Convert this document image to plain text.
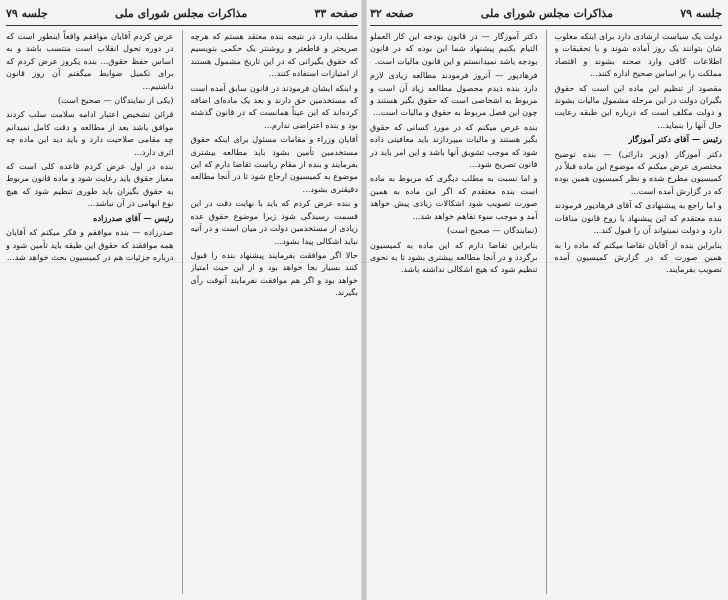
صفحه ۳۳
مذاکرات مجلس شورای ملی
جلسه ۷۹

مطلب دارد در نتیجه بنده معتقد هستم که هرچه صریحتر و قاطعتر و روشنتر یک حکمی بنویسیم که حقوق بگیرانی که در این تاریخ مشمول هستند از امتیازات استفاده کنند...

و اینکه ایشان فرمودند در قانون سابق آمده است که مستخدمین حق دارند و بعد یک ماده‌ای اضافه کرده‌اند که این عیناً همانست که در قانون گذشته بود و بنده اعتراضی ندارم...

آقایان وزراء و مقامات مسئول برای اینکه حقوق مستخدمین تأمین بشود باید مطالعه بیشتری بفرمایند و بنده از مقام ریاست تقاضا دارم که این موضوع به کمیسیون ارجاع شود تا در آنجا مطالعه دقیقتری بشود...

و بنده عرض کردم که باید با نهایت دقت در این قسمت رسیدگی شود زیرا موضوع حقوق عده زیادی از مستخدمین دولت در میان است و در آتیه نباید اشکالی پیدا بشود...

حالا اگر موافقت بفرمایند پیشنهاد بنده را قبول کنند بسیار بجا خواهد بود و از این حیث امتیاز خواهد بود و اگر هم موافقت نفرمایند آنوقت رأی بگیرند.

عرض کردم آقایان موافقم واقعاً اینطور است که در دوره تحول انقلاب است منتسب باشد و به اساس حفظ حقوق... بنده یکروز عرض کردم که برای تکمیل ضوابط میگفتم آن روز قانون داشتیم...

(یکی از نمایندگان — صحیح است)

قرائن تشخیص اعتبار ادامه سلامت سلب کردند موافق باشد بعد از مطالعه و دقت کامل نمیدانم چه مقامی صلاحیت دارد و باید دید این ماده چه اثری دارد...

بنده در اول عرض کردم قاعده کلی است که معیار حقوق باید رعایت شود و ماده قانون مربوط به حقوق بگیران باید طوری تنظیم شود که هیچ نوع ابهامی در آن نباشد...

رئیس — آقای صدرزاده

صدرزاده — بنده موافقم و فکر میکنم که آقایان همه موافقند که حقوق این طبقه باید تأمین شود و درباره جزئیات هم در کمیسیون بحث خواهد شد...

جلسه ۷۹
مذاکرات مجلس شورای ملی
صفحه ۳۲

دولت یک سیاست ارشادی دارد برای اینکه مغلوب شان بتوانند یک روز آماده شوند و با تحقیقات و اطلاعات کافی وارد صحنه بشوند و اقتصاد مملکت را بر اساس صحیح اداره کنند...

مقصود از تنظیم این ماده این است که حقوق بگیران دولت در این مرحله مشمول مالیات بشوند و دولت مکلف است که درباره این طبقه رعایت حال آنها را بنماید...

رئیس — آقای دکتر آموزگار

دکتر آموزگار (وزیر دارائی) — بنده توضیح مختصری عرض میکنم که موضوع این ماده قبلاً در کمیسیون مطرح شده و نظر کمیسیون همین بوده که در گزارش آمده است...

و اما راجع به پیشنهادی که آقای فرهادپور فرمودند بنده معتقدم که این پیشنهاد با روح قانون منافات دارد و دولت نمیتواند آن را قبول کند...

بنابراین بنده از آقایان تقاضا میکنم که ماده را به همین صورت که در گزارش کمیسیون آمده تصویب بفرمایند.

دکتر آموزگار — در قانون بودجه این کار العملو التیام بکنیم پیشنهاد شما این بوده که در قانون بودجه باشد نمیدانستم و این قانون مالیات است.

فرهادپور — آنروز فرمودند مطالعه زیادی لازم دارد بنده دیدم محصول مطالعه زیاد آن است و مربوط به اشخاصی است که حقوق بگیر هستند و چون این فصل مربوط به حقوق و مالیات است...

بنده عرض میکنم که در مورد کسانی که حقوق بگیر هستند و مالیات میپردازند باید معافیتی داده شود که موجب تشویق آنها باشد و این امر باید در قانون تصریح شود...

و اما نسبت به مطلب دیگری که مربوط به ماده است بنده معتقدم که اگر این ماده به همین صورت تصویب شود اشکالات زیادی پیش خواهد آمد و موجب سوء تفاهم خواهد شد...

(نمایندگان — صحیح است)

بنابراین تقاضا دارم که این ماده به کمیسیون برگردد و در آنجا مطالعه بیشتری بشود تا به نحوی تنظیم شود که هیچ اشکالی نداشته باشد.
